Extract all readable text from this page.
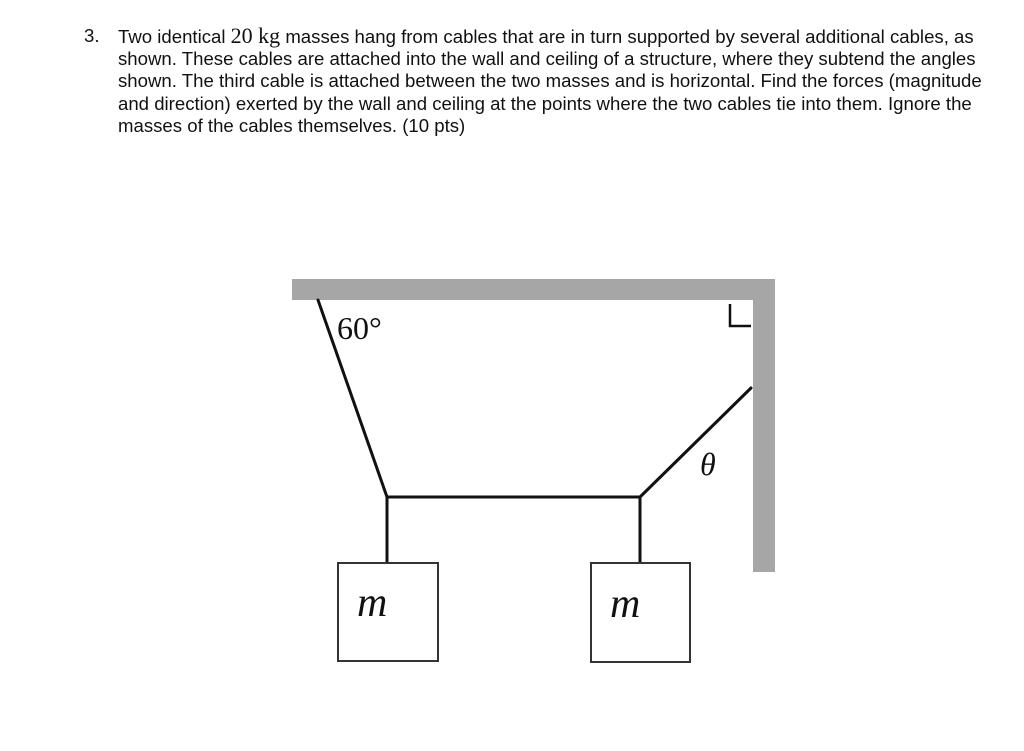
3. Two identical 20 kg masses hang from cables that are in turn supported by several additional cables, as shown. These cables are attached into the wall and ceiling of a structure, where they subtend the angles shown. The third cable is attached between the two masses and is horizontal. Find the forces (magnitude and direction) exerted by the wall and ceiling at the points where the two cables tie into them. Ignore the masses of the cables themselves. (10 pts)
60°
θ
m	m
